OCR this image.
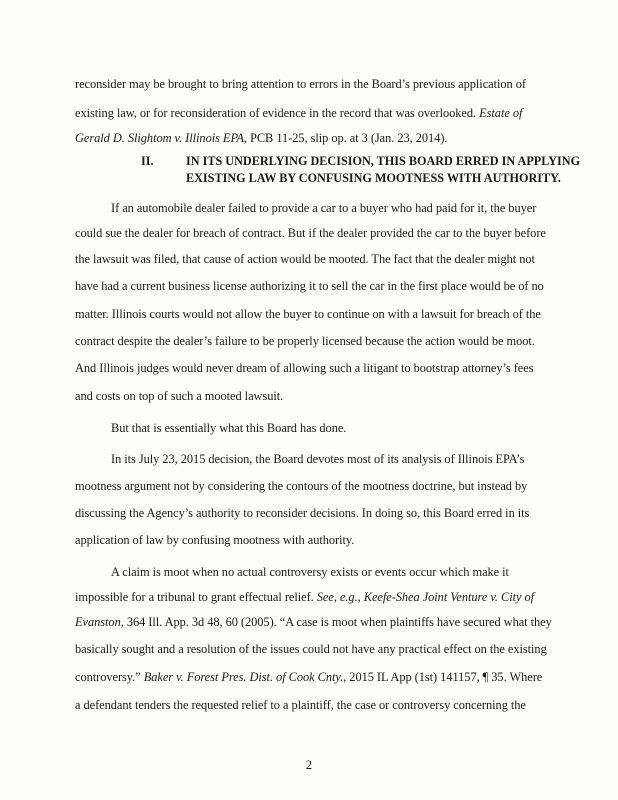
reconsider may be brought to bring attention to errors in the Board’s previous application of
existing law, or for reconsideration of evidence in the record that was overlooked. Estate of
Gerald D. Slightom v. Illinois EPA, PCB 11-25, slip op. at 3 (Jan. 23, 2014).
II.	IN ITS UNDERLYING DECISION, THIS BOARD ERRED IN APPLYING
EXISTING LAW BY CONFUSING MOOTNESS WITH AUTHORITY.
If an automobile dealer failed to provide a car to a buyer who had paid for it, the buyer
could sue the dealer for breach of contract. But if the dealer provided the car to the buyer before
the lawsuit was filed, that cause of action would be mooted. The fact that the dealer might not
have had a current business license authorizing it to sell the car in the first place would be of no
matter. Illinois courts would not allow the buyer to continue on with a lawsuit for breach of the
contract despite the dealer’s failure to be properly licensed because the action would be moot.
And Illinois judges would never dream of allowing such a litigant to bootstrap attorney’s fees
and costs on top of such a mooted lawsuit.
But that is essentially what this Board has done.
In its July 23, 2015 decision, the Board devotes most of its analysis of Illinois EPA’s
mootness argument not by considering the contours of the mootness doctrine, but instead by
discussing the Agency’s authority to reconsider decisions. In doing so, this Board erred in its
application of law by confusing mootness with authority.
A claim is moot when no actual controversy exists or events occur which make it
impossible for a tribunal to grant effectual relief. See, e.g., Keefe-Shea Joint Venture v. City of
Evanston, 364 Ill. App. 3d 48, 60 (2005). “A case is moot when plaintiffs have secured what they
basically sought and a resolution of the issues could not have any practical effect on the existing
controversy.” Baker v. Forest Pres. Dist. of Cook Cnty., 2015 IL App (1st) 141157, ¶ 35. Where
a defendant tenders the requested relief to a plaintiff, the case or controversy concerning the
2
